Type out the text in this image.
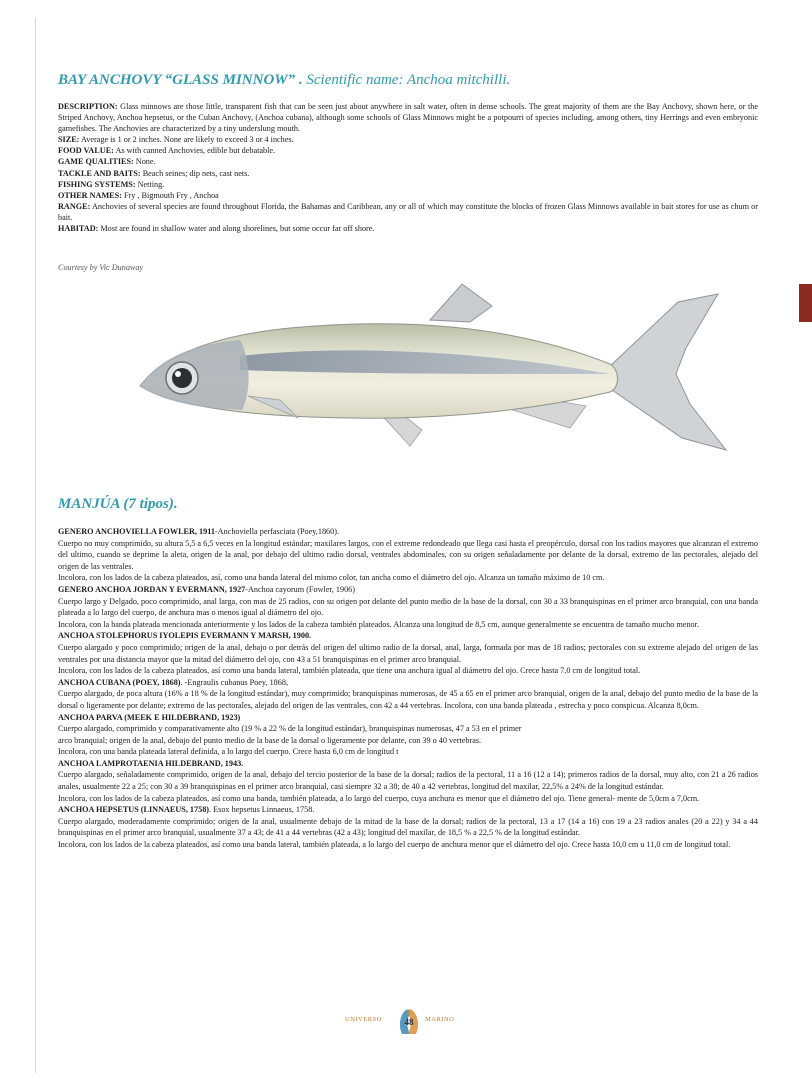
BAY ANCHOVY “GLASS MINNOW” . Scientific name: Anchoa mitchilli.

DESCRIPTION: Glass minnows are those little, transparent fish that can be seen just about anywhere in salt water, often in dense schools. The great majority of them are the Bay Anchovy, shown here, or the Striped Anchovy, Anchoa hepsetus, or the Cuban Anchovy, (Anchoa cubana), although some schools of Glass Minnows might be a potpourri of species including, among others, tiny Herrings and even embryonic gamefishes. The Anchovies are characterized by a tiny underslung mouth.

SIZE: Average is 1 or 2 inches. None are likely to exceed 3 or 4 inches.

FOOD VALUE: As with canned Anchovies, edible but debatable.

GAME QUALITIES: None.

TACKLE AND BAITS: Beach seines; dip nets, cast nets.

FISHING SYSTEMS: Netting.

OTHER NAMES: Fry , Bigmouth Fry , Anchoa

RANGE: Anchovies of several species are found throughout Florida, the Bahamas and Caribbean, any or all of which may constitute the blocks of frozen Glass Minnows available in bait stores for use as chum or bait.

HABITAD: Most are found in shallow water and along shorelines, but some occur far off shore.

Courtesy by Vic Dunaway
MANJÚA (7 tipos).

GENERO ANCHOVIELLA FOWLER, 1911-Anchoviella perfasciata (Poey,1860).

Cuerpo no muy comprimido, su altura 5,5 a 6,5 veces en la longitud estándar; maxilares largos, con el extreme redondeado que llega casi hasta el preopérculo, dorsal con los radios mayores que alcanzan el extremo del ultimo, cuando se deprime la aleta, origen de la anal, por debajo del ultimo radio dorsal, ventrales abdominales, con su origen señaladamente por delante de la dorsal, extremo de las pectorales, alejado del origen de las ventrales.

Incolora, con los lados de la cabeza plateados, así, como una banda lateral del mismo color, tan ancha como el diámetro del ojo. Alcanza un tamaño máximo de 10 cm.

GENERO ANCHOA JORDAN Y EVERMANN, 1927-Anchoa cayorum (Fowler, 1906)

Cuerpo largo y Delgado, poco comprimido, anal larga, con mas de 25 radios, con su origen por delante del punto medio de la base de la dorsal, con 30 a 33 branquispinas en el primer arco branquial, con una banda plateada a lo largo del cuerpo, de anchura mas o menos igual al diámetro del ojo.

Incolora, con la banda plateada mencionada anteriormente y los lados de la cabeza también plateados. Alcanza una longitud de 8,5 cm, aunque generalmente se encuentra de tamaño mucho menor.

ANCHOA STOLEPHORUS IYOLEPIS EVERMANN Y MARSH, 1900.

Cuerpo alargado y poco comprimido; origen de la anal, debajo o por detrás del origen del ultimo radio de la dorsal, anal, larga, formada por mas de 18 radios; pectorales con su extreme alejado del origen de las ventrales por una distancia mayor que la mitad del diámetro del ojo, con 43 a 51 branquispinas en el primer arco branquial.

Incolora, con los lados de la cabeza plateados, así como una banda lateral, también plateada, que tiene una anchura igual al diámetro del ojo. Crece hasta 7,0 cm de longitud total.

ANCHOA CUBANA (POEY, 1868). -Engraulis cubanus Poey, 1868,

Cuerpo alargado, de poca altura (16% a 18 % de la longitud estándar), muy comprimido; branquispinas numerosas, de 45 a 65 en el primer arco branquial, origen de la anal, debajo del punto medio de la base de la dorsal o ligeramente por delante; extremo de las pectorales, alejado del origen de las ventrales, con 42 a 44 vertebras. Incolora, con una banda plateada , estrecha y poco conspicua. Alcanza 8,0cm.

ANCHOA PARVA (MEEK E HILDEBRAND, 1923)

Cuerpo alargado, comprimido y comparativamente alto (19 % a 22 % de la longitud estándar), branquispinas numerosas, 47 a 53 en el primer

arco branquial; origen de la anal, debajo del punto medio de la base de la dorsal o ligeramente por delante, con 39 o 40 vertebras.

Incolora, con una banda plateada lateral definida, a lo largo del cuerpo. Crece hasta 6,0 cm de longitud t

ANCHOA LAMPROTAENIA HILDEBRAND, 1943.

Cuerpo alargado, señaladamente comprimido, origen de la anal, debajo del tercio posterior de la base de la dorsal; radios de la pectoral, 11 a 16 (12 a 14); primeros radios de la dorsal, muy alto, con 21 a 26 radios anales, usualmente 22 a 25; con 30 a 39 branquispinas en el primer arco branquial, casi siempre 32 a 38; de 40 a 42 vertebras, longitud del maxilar, 22,5% a 24% de la longitud estándar.

Incolora, con los lados de la cabeza plateados, así como una banda, también plateada, a lo largo del cuerpo, cuya anchura es menor que el diámetro del ojo. Tiene general- mente de 5,0cm a 7,0cm.

ANCHOA HEPSETUS (LINNAEUS, 1758). Esox hepsetus Linnaeus, 1758.

Cuerpo alargado, moderadamente comprimido; origen de la anal, usualmente debajo de la mitad de la base de la dorsal; radios de la pectoral, 13 a 17 (14 a 16) con 19 a 23 radios anales (20 a 22) y 34 a 44 branquispinas en el primer arco branquial, usualmente 37 a 43; de 41 a 44 vertebras (42 a 43); longitud del maxilar, de 18,5 % a 22,5 % de la longitud estándar.

Incolora, con los lados de la cabeza plateados, así como una banda lateral, también plateada, a lo largo del cuerpo de anchura menor que el diámetro del ojo. Crece hasta 10,0 cm u 11,0 cm de longitud total.

UNIVERSO	48	MARINO
